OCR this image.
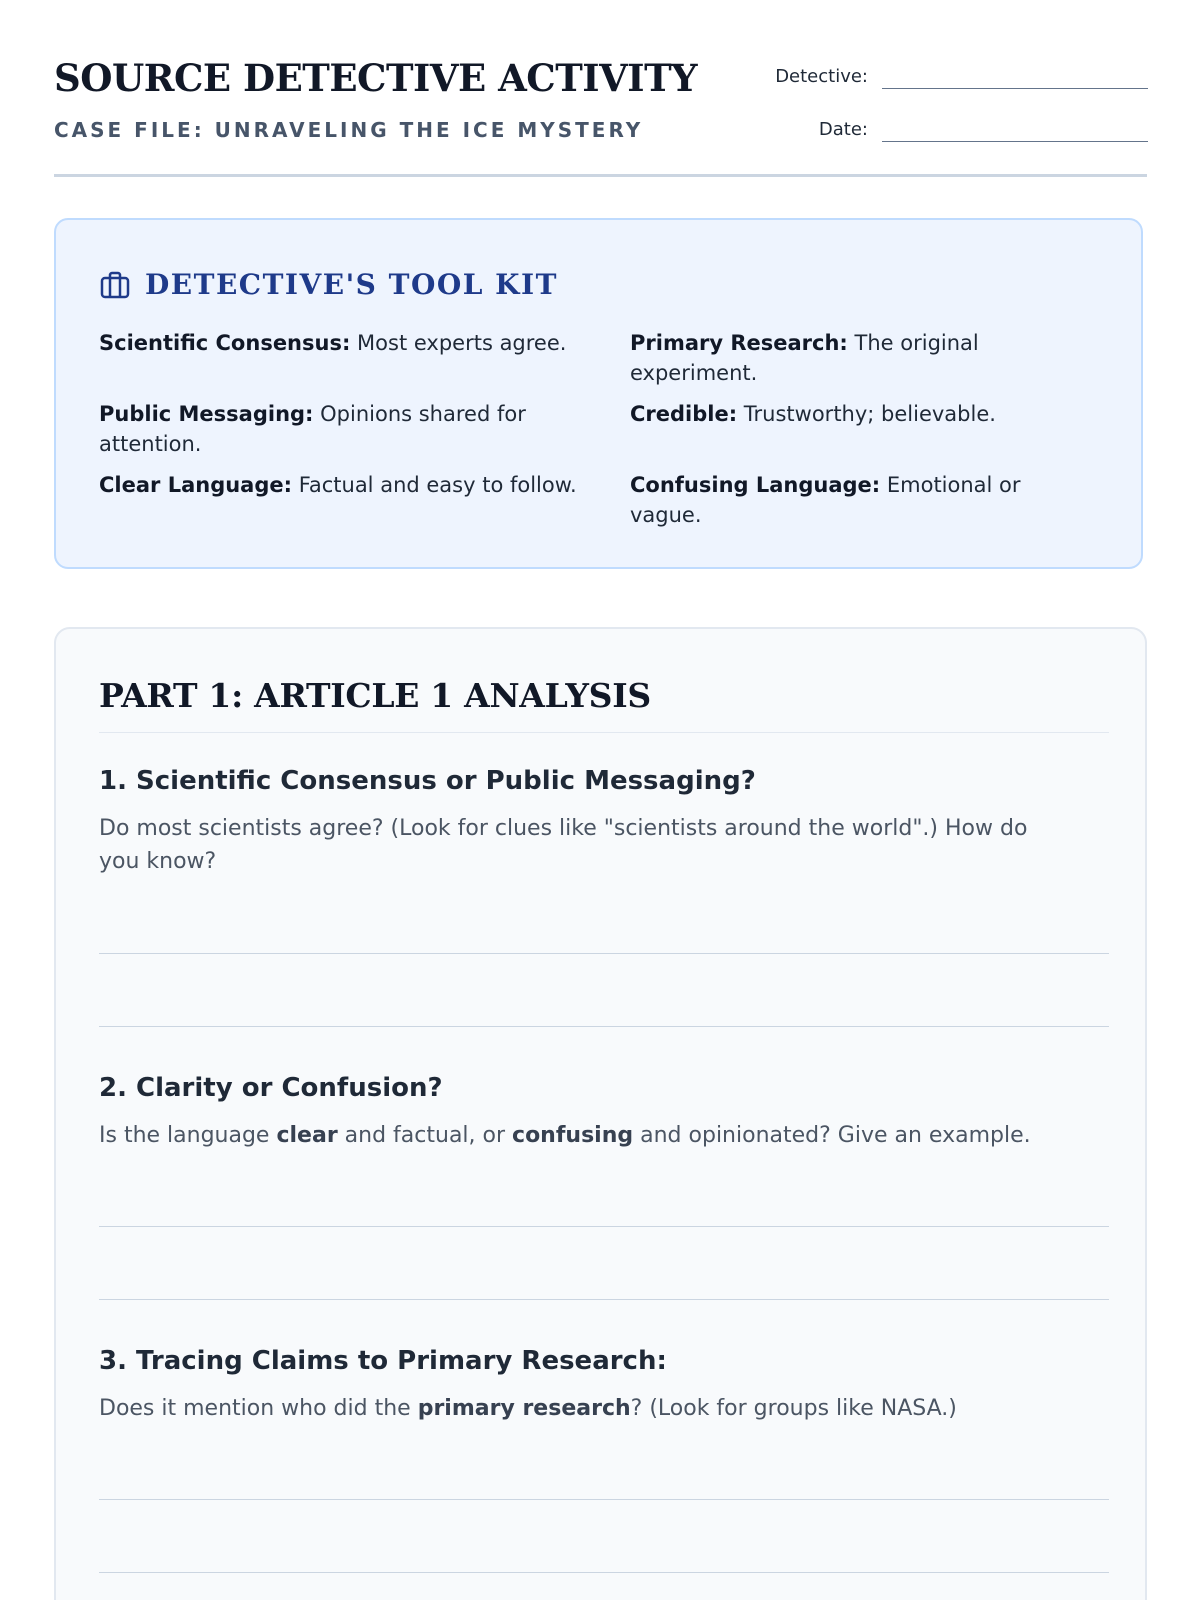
SOURCE DETECTIVE ACTIVITY
CASE FILE: UNRAVELING THE ICE MYSTERY
Detective:
Date:
DETECTIVE'S TOOL KIT
Scientific Consensus: Most experts agree.	Primary Research: The original experiment.
Public Messaging: Opinions shared for attention.
Credible: Trustworthy; believable.
Clear Language: Factual and easy to follow.	Confusing Language: Emotional or vague.
PART 1: ARTICLE 1 ANALYSIS
1. Scientific Consensus or Public Messaging?

Do most scientists agree? (Look for clues like "scientists around the world".) How do you know?

2. Clarity or Confusion?

Is the language clear and factual, or confusing and opinionated? Give an example.

3. Tracing Claims to Primary Research:

Does it mention who did the primary research? (Look for groups like NASA.)
